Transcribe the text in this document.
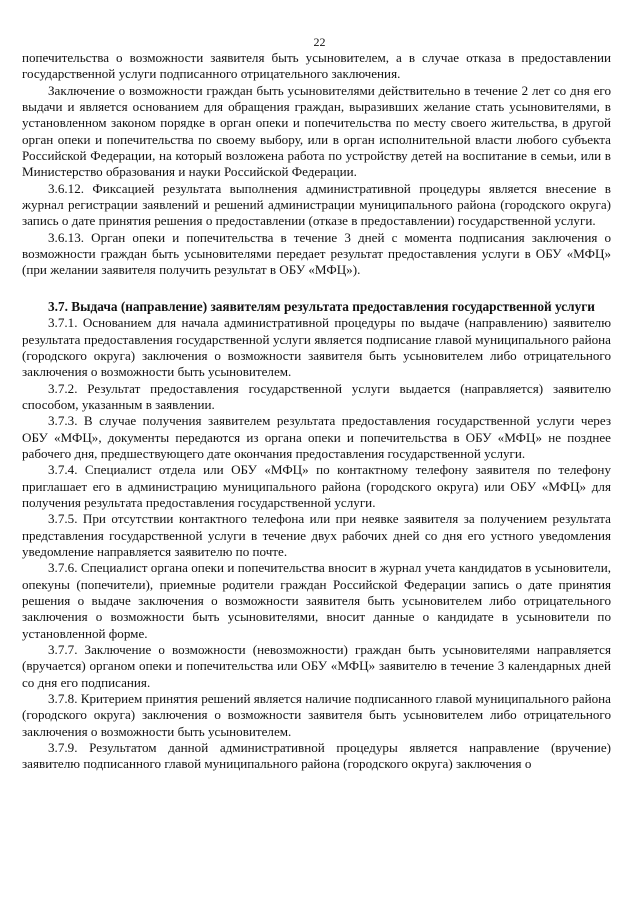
22

попечительства о возможности заявителя быть усыновителем, а в случае отказа в предоставлении государственной услуги подписанного отрицательного заключения.

Заключение о возможности граждан быть усыновителями действительно в течение 2 лет со дня его выдачи и является основанием для обращения граждан, выразивших желание стать усыновителями, в установленном законом порядке в орган опеки и попечительства по месту своего жительства, в другой орган опеки и попечительства по своему выбору, или в орган исполнительной власти любого субъекта Российской Федерации, на который возложена работа по устройству детей на воспитание в семьи, или в Министерство образования и науки Российской Федерации.

3.6.12. Фиксацией результата выполнения административной процедуры является внесение в журнал регистрации заявлений и решений администрации муниципального района (городского округа) запись о дате принятия решения о предоставлении (отказе в предоставлении) государственной услуги.

3.6.13. Орган опеки и попечительства в течение 3 дней с момента подписания заключения о возможности граждан быть усыновителями передает результат предоставления услуги в ОБУ «МФЦ» (при желании заявителя получить результат в ОБУ «МФЦ»).

3.7. Выдача (направление) заявителям результата предоставления государственной услуги

3.7.1. Основанием для начала административной процедуры по выдаче (направлению) заявителю результата предоставления государственной услуги является подписание главой муниципального района (городского округа) заключения о возможности заявителя быть усыновителем либо отрицательного заключения о возможности быть усыновителем.

3.7.2. Результат предоставления государственной услуги выдается (направляется) заявителю способом, указанным в заявлении.

3.7.3. В случае получения заявителем результата предоставления государственной услуги через ОБУ «МФЦ», документы передаются из органа опеки и попечительства в ОБУ «МФЦ» не позднее рабочего дня, предшествующего дате окончания предоставления государственной услуги.

3.7.4. Специалист отдела или ОБУ «МФЦ» по контактному телефону заявителя по телефону приглашает его в администрацию муниципального района (городского округа) или ОБУ «МФЦ» для получения результата предоставления государственной услуги.

3.7.5. При отсутствии контактного телефона или при неявке заявителя за получением результата представления государственной услуги в течение двух рабочих дней со дня его устного уведомления уведомление направляется заявителю по почте.

3.7.6. Специалист органа опеки и попечительства вносит в журнал учета кандидатов в усыновители, опекуны (попечители), приемные родители граждан Российской Федерации запись о дате принятия решения о выдаче заключения о возможности заявителя быть усыновителем либо отрицательного заключения о возможности быть усыновителями, вносит данные о кандидате в усыновители по установленной форме.

3.7.7. Заключение о возможности (невозможности) граждан быть усыновителями направляется (вручается) органом опеки и попечительства или ОБУ «МФЦ» заявителю в течение 3 календарных дней со дня его подписания.

3.7.8. Критерием принятия решений является наличие подписанного главой муниципального района (городского округа) заключения о возможности заявителя быть усыновителем либо отрицательного заключения о возможности быть усыновителем.

3.7.9. Результатом данной административной процедуры является направление (вручение) заявителю подписанного главой муниципального района (городского округа) заключения о
